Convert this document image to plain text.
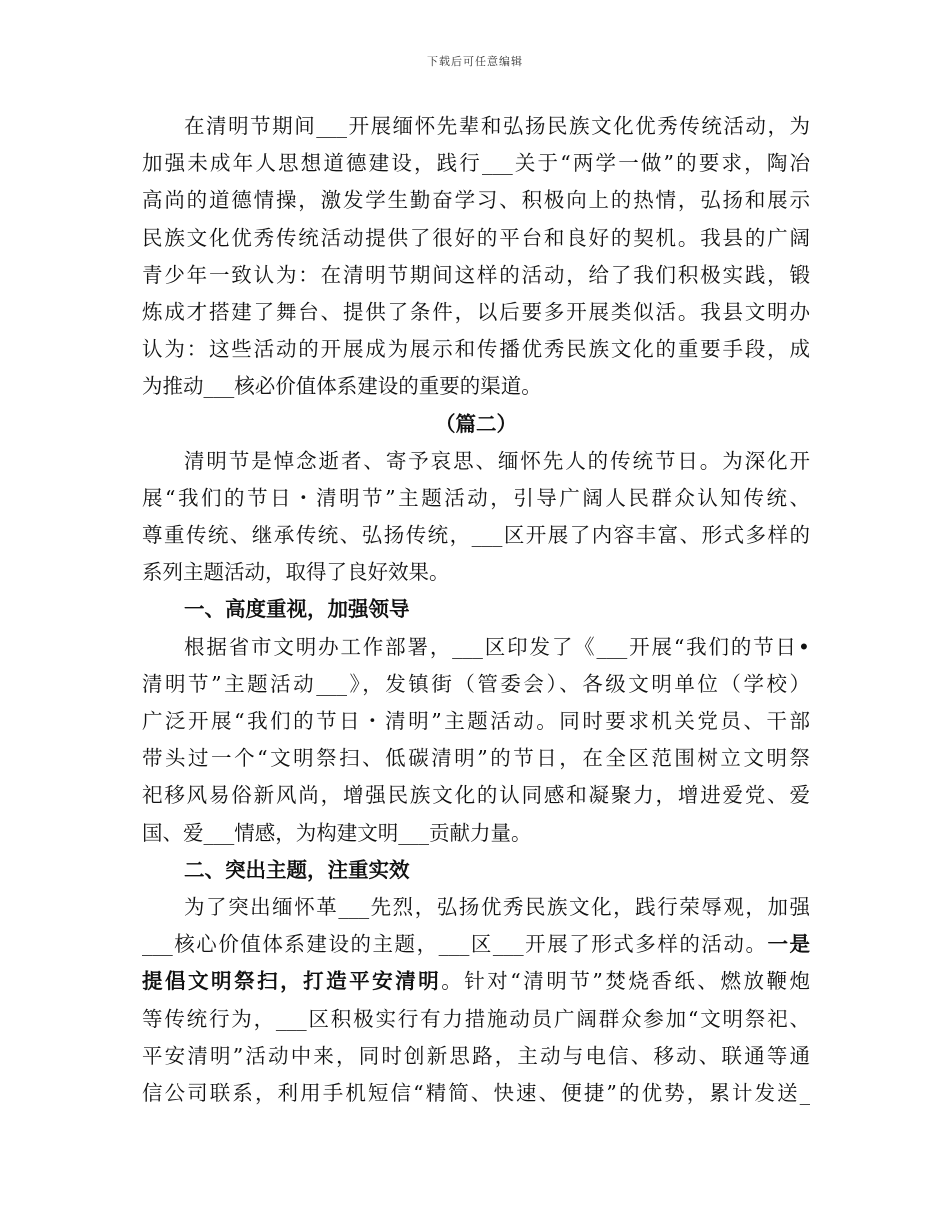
下载后可任意编辑
在清明节期间___开展缅怀先辈和弘扬民族文化优秀传统活动，为
加强未成年人思想道德建设，践行___关于“两学一做”的要求，陶冶
高尚的道德情操，激发学生勤奋学习、积极向上的热情，弘扬和展示
民族文化优秀传统活动提供了很好的平台和良好的契机。我县的广阔
青少年一致认为：在清明节期间这样的活动，给了我们积极实践，锻
炼成才搭建了舞台、提供了条件，以后要多开展类似活。我县文明办
认为：这些活动的开展成为展示和传播优秀民族文化的重要手段，成
为推动___核必价值体系建设的重要的渠道。
（篇二）
清明节是悼念逝者、寄予哀思、缅怀先人的传统节日。为深化开
展“我们的节日・清明节”主题活动，引导广阔人民群众认知传统、
尊重传统、继承传统、弘扬传统，___区开展了内容丰富、形式多样的
系列主题活动，取得了良好效果。
一、高度重视，加强领导
根据省市文明办工作部署，___区印发了《___开展“我们的节日•
清明节”主题活动___》，发镇街（管委会）、各级文明单位（学校）
广泛开展“我们的节日・清明”主题活动。同时要求机关党员、干部
带头过一个“文明祭扫、低碳清明”的节日，在全区范围树立文明祭
祀移风易俗新风尚，增强民族文化的认同感和凝聚力，增进爱党、爱
国、爱___情感，为构建文明___贡献力量。
二、突出主题，注重实效
为了突出缅怀革___先烈，弘扬优秀民族文化，践行荣辱观，加强
___核心价值体系建设的主题，___区___开展了形式多样的活动。一是
提倡文明祭扫，打造平安清明。针对“清明节”焚烧香纸、燃放鞭炮
等传统行为，___区积极实行有力措施动员广阔群众参加“文明祭祀、
平安清明”活动中来，同时创新思路，主动与电信、移动、联通等通
信公司联系，利用手机短信“精简、快速、便捷”的优势，累计发送_
